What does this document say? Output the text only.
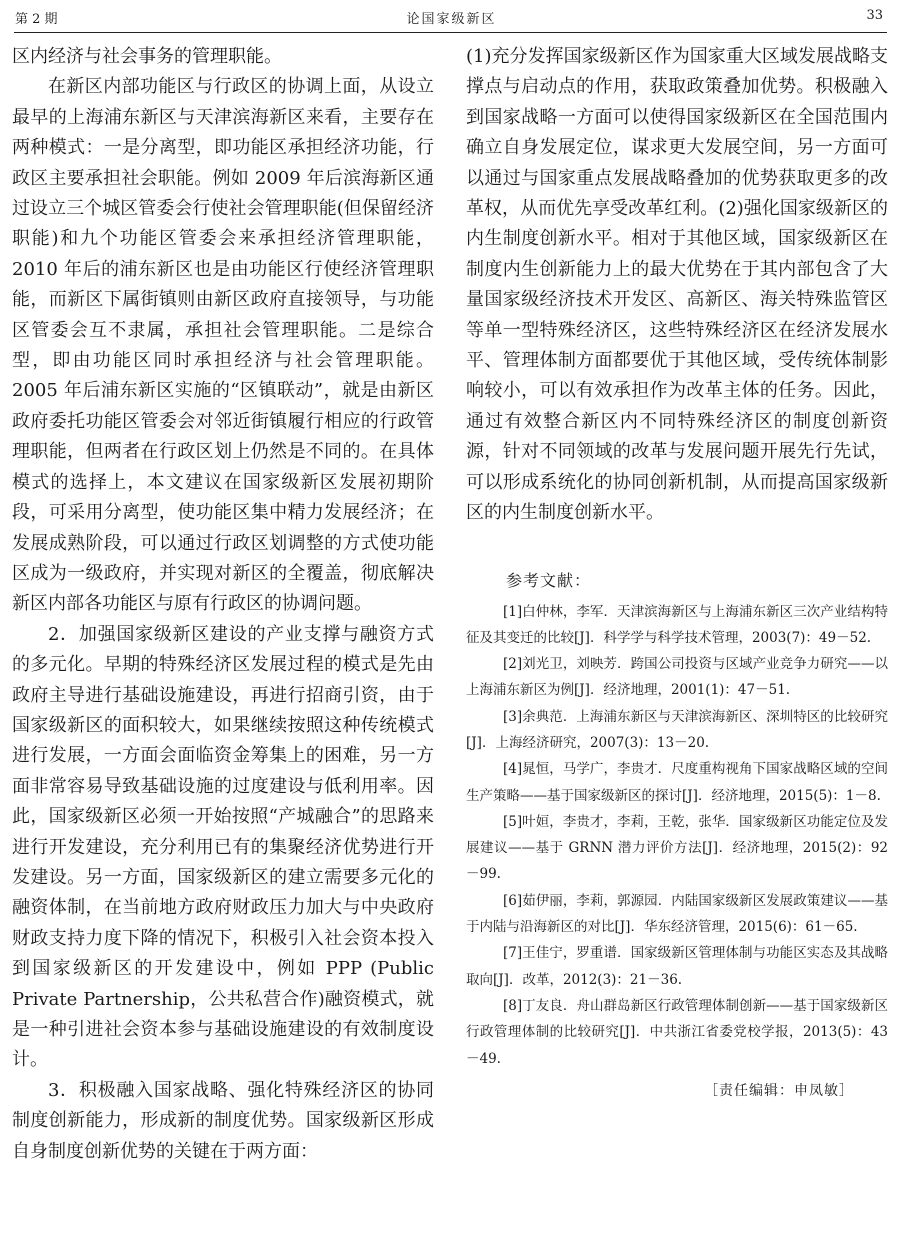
第 2 期	论国家级新区	33

区内经济与社会事务的管理职能。

在新区内部功能区与行政区的协调上面，从设立最早的上海浦东新区与天津滨海新区来看，主要存在两种模式：一是分离型，即功能区承担经济功能，行政区主要承担社会职能。例如 2009 年后滨海新区通过设立三个城区管委会行使社会管理职能(但保留经济职能)和九个功能区管委会来承担经济管理职能，2010 年后的浦东新区也是由功能区行使经济管理职能，而新区下属街镇则由新区政府直接领导，与功能区管委会互不隶属，承担社会管理职能。二是综合型，即由功能区同时承担经济与社会管理职能。2005 年后浦东新区实施的“区镇联动”，就是由新区政府委托功能区管委会对邻近街镇履行相应的行政管理职能，但两者在行政区划上仍然是不同的。在具体模式的选择上，本文建议在国家级新区发展初期阶段，可采用分离型，使功能区集中精力发展经济；在发展成熟阶段，可以通过行政区划调整的方式使功能区成为一级政府，并实现对新区的全覆盖，彻底解决新区内部各功能区与原有行政区的协调问题。

2．加强国家级新区建设的产业支撑与融资方式的多元化。早期的特殊经济区发展过程的模式是先由政府主导进行基础设施建设，再进行招商引资，由于国家级新区的面积较大，如果继续按照这种传统模式进行发展，一方面会面临资金筹集上的困难，另一方面非常容易导致基础设施的过度建设与低利用率。因此，国家级新区必须一开始按照“产城融合”的思路来进行开发建设，充分利用已有的集聚经济优势进行开发建设。另一方面，国家级新区的建立需要多元化的融资体制，在当前地方政府财政压力加大与中央政府财政支持力度下降的情况下，积极引入社会资本投入到国家级新区的开发建设中，例如 PPP (Public Private Partnership，公共私营合作)融资模式，就是一种引进社会资本参与基础设施建设的有效制度设计。

3．积极融入国家战略、强化特殊经济区的协同制度创新能力，形成新的制度优势。国家级新区形成自身制度创新优势的关键在于两方面：

(1)充分发挥国家级新区作为国家重大区域发展战略支撑点与启动点的作用，获取政策叠加优势。积极融入到国家战略一方面可以使得国家级新区在全国范围内确立自身发展定位，谋求更大发展空间，另一方面可以通过与国家重点发展战略叠加的优势获取更多的改革权，从而优先享受改革红利。(2)强化国家级新区的内生制度创新水平。相对于其他区域，国家级新区在制度内生创新能力上的最大优势在于其内部包含了大量国家级经济技术开发区、高新区、海关特殊监管区等单一型特殊经济区，这些特殊经济区在经济发展水平、管理体制方面都要优于其他区域，受传统体制影响较小，可以有效承担作为改革主体的任务。因此，通过有效整合新区内不同特殊经济区的制度创新资源，针对不同领域的改革与发展问题开展先行先试，可以形成系统化的协同创新机制，从而提高国家级新区的内生制度创新水平。

参考文献：

[1]白仲林，李军．天津滨海新区与上海浦东新区三次产业结构特征及其变迁的比较[J]．科学学与科学技术管理，2003(7)：49－52.

[2]刘光卫，刘映芳．跨国公司投资与区域产业竞争力研究——以上海浦东新区为例[J]．经济地理，2001(1)：47－51.

[3]余典范．上海浦东新区与天津滨海新区、深圳特区的比较研究[J]．上海经济研究，2007(3)：13－20.

[4]晁恒，马学广，李贵才．尺度重构视角下国家战略区域的空间生产策略——基于国家级新区的探讨[J]．经济地理，2015(5)：1－8.

[5]叶姮，李贵才，李莉，王乾，张华．国家级新区功能定位及发展建议——基于 GRNN 潜力评价方法[J]．经济地理，2015(2)：92－99.

[6]茹伊丽，李莉，郭源园．内陆国家级新区发展政策建议——基于内陆与沿海新区的对比[J]．华东经济管理，2015(6)：61－65.

[7]王佳宁，罗重谱．国家级新区管理体制与功能区实态及其战略取向[J]．改革，2012(3)：21－36.

[8]丁友良．舟山群岛新区行政管理体制创新——基于国家级新区行政管理体制的比较研究[J]．中共浙江省委党校学报，2013(5)：43－49.

［责任编辑：申凤敏］
